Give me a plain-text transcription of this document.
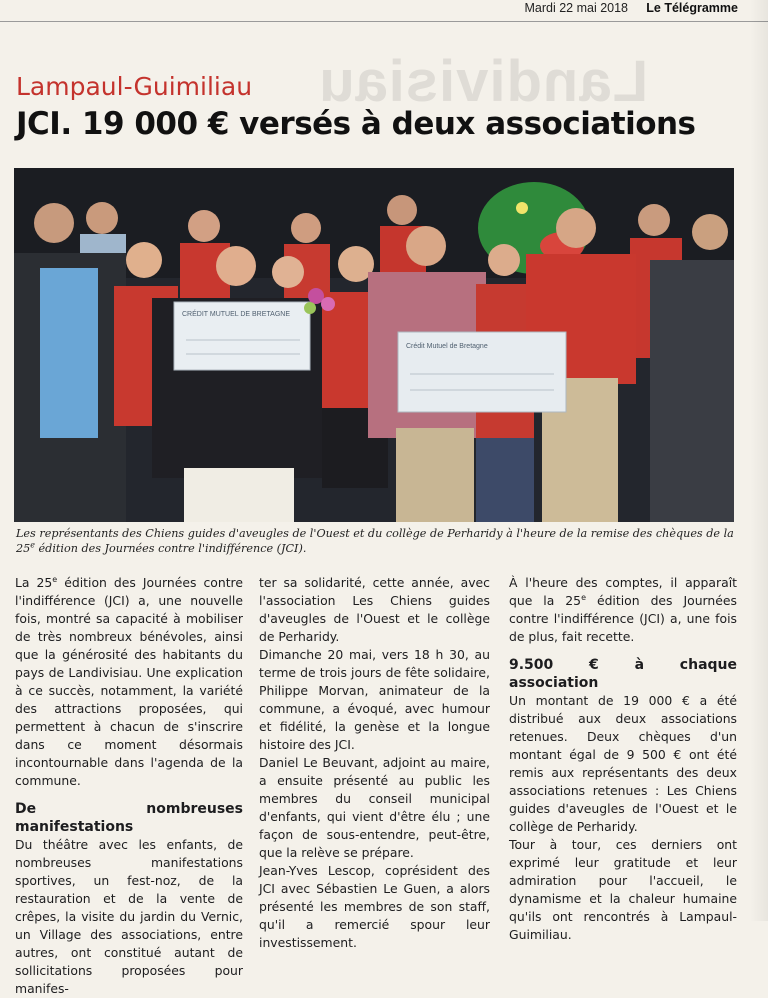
Mardi 22 mai 2018 Le Télégramme
Landivisiau
Lampaul-Guimiliau
JCI. 19 000 € versés à deux associations
CRÉDIT MUTUEL DE BRETAGNE
Crédit Mutuel de Bretagne

Les représentants des Chiens guides d'aveugles de l'Ouest et du collège de Perharidy à l'heure de la remise des chèques de la 25e édition des Journées contre l'indifférence (JCI).

La 25e édition des Journées contre l'indifférence (JCI) a, une nouvelle fois, montré sa capacité à mobiliser de très nombreux bénévoles, ainsi que la générosité des habitants du pays de Landivisiau. Une explication à ce succès, notamment, la variété des attractions proposées, qui permettent à chacun de s'inscrire dans ce moment désormais incontournable dans l'agenda de la commune.

De nombreuses manifestations

Du théâtre avec les enfants, de nombreuses manifestations sportives, un fest-noz, de la restauration et de la vente de crêpes, la visite du jardin du Vernic, un Village des associations, entre autres, ont constitué autant de sollicitations proposées pour manifes-

ter sa solidarité, cette année, avec l'association Les Chiens guides d'aveugles de l'Ouest et le collège de Perharidy.

Dimanche 20 mai, vers 18 h 30, au terme de trois jours de fête solidaire, Philippe Morvan, animateur de la commune, a évoqué, avec humour et fidélité, la genèse et la longue histoire des JCI.

Daniel Le Beuvant, adjoint au maire, a ensuite présenté au public les membres du conseil municipal d'enfants, qui vient d'être élu ; une façon de sous-entendre, peut-être, que la relève se prépare.

Jean-Yves Lescop, coprésident des JCI avec Sébastien Le Guen, a alors présenté les membres de son staff, qu'il a remercié spour leur investissement.

À l'heure des comptes, il apparaît que la 25e édition des Journées contre l'indifférence (JCI) a, une fois de plus, fait recette.

9.500 € à chaque association

Un montant de 19 000 € a été distribué aux deux associations retenues. Deux chèques d'un montant égal de 9 500 € ont été remis aux représentants des deux associations retenues : Les Chiens guides d'aveugles de l'Ouest et le collège de Perharidy.

Tour à tour, ces derniers ont exprimé leur gratitude et leur admiration pour l'accueil, le dynamisme et la chaleur humaine qu'ils ont rencontrés à Lampaul-Guimiliau.
